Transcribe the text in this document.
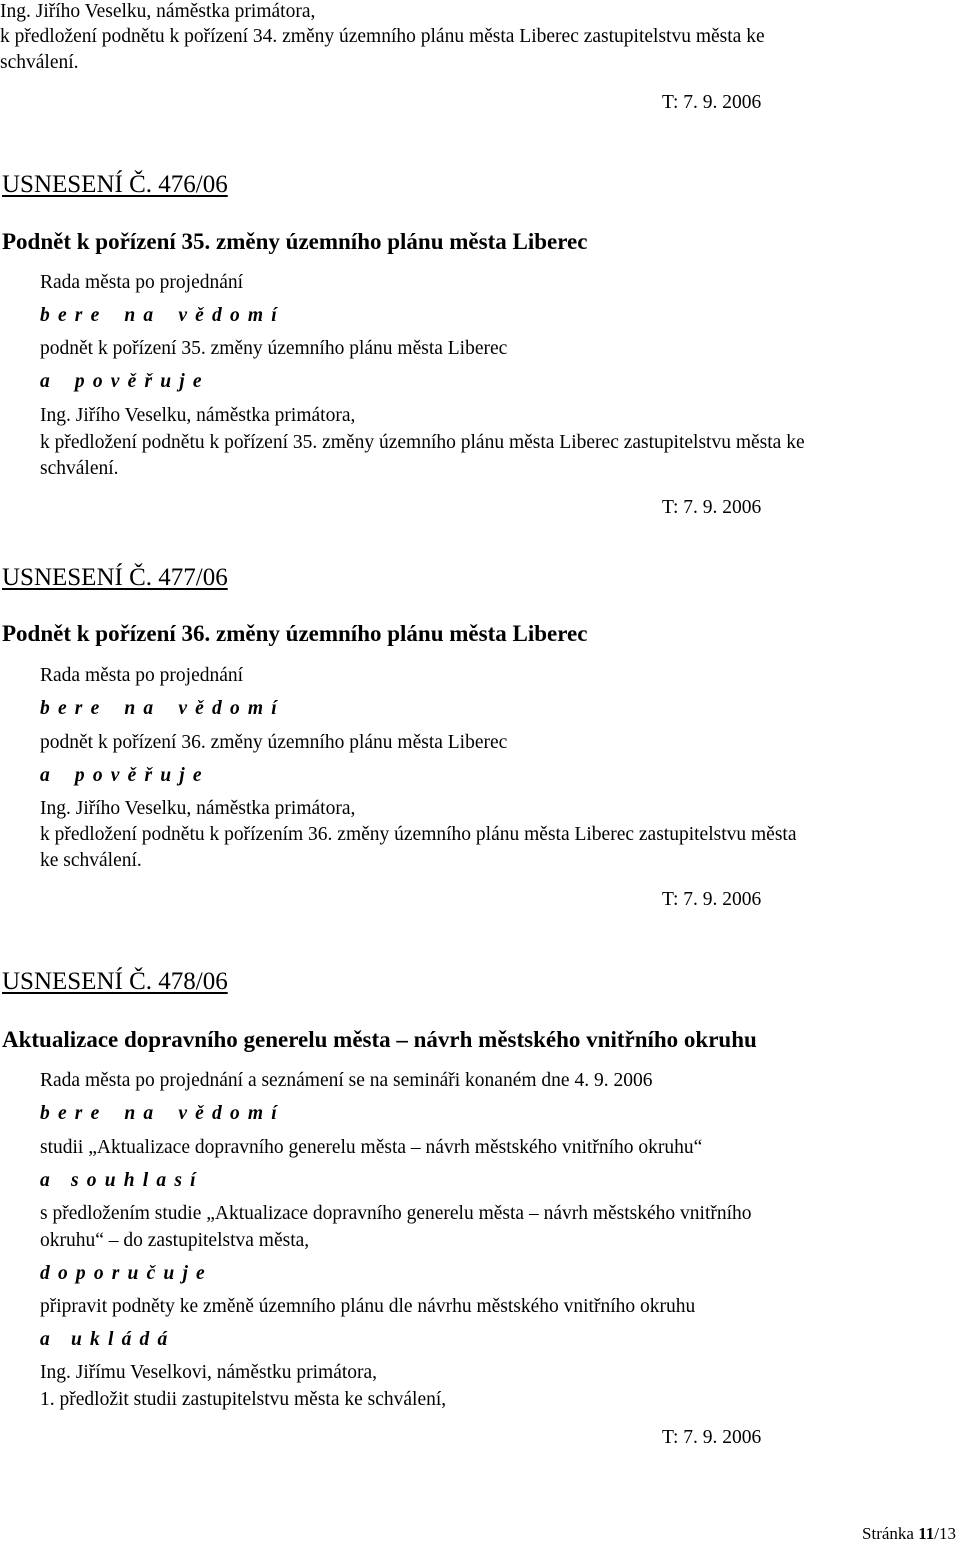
Ing. Jiřího Veselku, náměstka primátora,
k předložení podnětu k pořízení 34. změny územního plánu města Liberec zastupitelstvu města ke
schválení.
T: 7. 9. 2006
USNESENÍ Č. 476/06
Podnět k pořízení 35. změny územního plánu města Liberec
Rada města po projednání
bere na vědomí
podnět k pořízení 35. změny územního plánu města Liberec
a pověřuje
Ing. Jiřího Veselku, náměstka primátora,
k předložení podnětu k pořízení 35. změny územního plánu města Liberec zastupitelstvu města ke
schválení.
T: 7. 9. 2006
USNESENÍ Č. 477/06
Podnět k pořízení 36. změny územního plánu města Liberec
Rada města po projednání
bere na vědomí
podnět k pořízení 36. změny územního plánu města Liberec
a pověřuje
Ing. Jiřího Veselku, náměstka primátora,
k předložení podnětu k pořízením 36. změny územního plánu města Liberec zastupitelstvu města
ke schválení.
T: 7. 9. 2006
USNESENÍ Č. 478/06
Aktualizace dopravního generelu města – návrh městského vnitřního okruhu
Rada města po projednání a seznámení se na semináři konaném dne 4. 9. 2006
bere na vědomí
studii „Aktualizace dopravního generelu města – návrh městského vnitřního okruhu“
a souhlasí
s předložením studie „Aktualizace dopravního generelu města – návrh městského vnitřního
okruhu“ – do zastupitelstva města,
doporučuje
připravit podněty ke změně územního plánu dle návrhu městského vnitřního okruhu
a ukládá
Ing. Jiřímu Veselkovi, náměstku primátora,
1. předložit studii zastupitelstvu města ke schválení,
T: 7. 9. 2006
Stránka 11/13
